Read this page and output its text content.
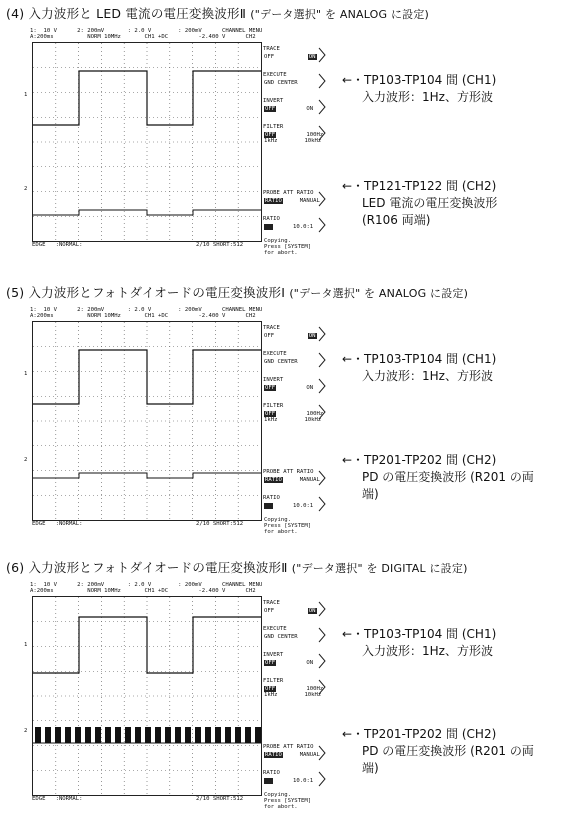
(4) 入力波形と LED 電流の電圧変換波形Ⅱ ("データ選択" を ANALOG に設定)
1:  10 V      2: 200mV       : 2.0 V        : 200mV      CHANNEL MENU
A:200ms          NORM 10MHz       CH1 +DC         -2.400 V      CH2
1
2
TRACE
OFF	ON
EXECUTE
GND CENTER
INVERT
OFF	ON
FILTER
OFF	100Hz
1kHz	10kHz
PROBE ATT RATIO
RATIO	MANUAL
RATIO
10.0:1
EDGE   :NORMAL:	2/10 SHORT:512
Copying.
Press [SYSTEM]
for abort.
←・TP103-TP104 間 (CH1)
入力波形：1Hz、方形波
←・TP121-TP122 間 (CH2)
LED 電流の電圧変換波形
(R106 両端)
(5) 入力波形とフォトダイオードの電圧変換波形Ⅰ ("データ選択" を ANALOG に設定)
1:  10 V      2: 200mV       : 2.0 V        : 200mV      CHANNEL MENU
A:200ms          NORM 10MHz       CH1 +DC         -2.400 V      CH2
1
2
TRACE
OFF	ON
EXECUTE
GND CENTER
INVERT
OFF	ON
FILTER
OFF	100Hz
1kHz	10kHz
PROBE ATT RATIO
RATIO	MANUAL
RATIO
10.0:1
EDGE   :NORMAL:	2/10 SHORT:512
Copying.
Press [SYSTEM]
for abort.
←・TP103-TP104 間 (CH1)
入力波形：1Hz、方形波
←・TP201-TP202 間 (CH2)
PD の電圧変換波形 (R201 の両
端)
(6) 入力波形とフォトダイオードの電圧変換波形Ⅱ ("データ選択" を DIGITAL に設定)
1:  10 V      2: 200mV       : 2.0 V        : 200mV      CHANNEL MENU
A:200ms          NORM 10MHz       CH1 +DC         -2.400 V      CH2
1
2
TRACE
OFF	ON
EXECUTE
GND CENTER
INVERT
OFF	ON
FILTER
OFF	100Hz
1kHz	10kHz
PROBE ATT RATIO
RATIO	MANUAL
RATIO
10.0:1
EDGE   :NORMAL:	2/10 SHORT:512
Copying.
Press [SYSTEM]
for abort.
←・TP103-TP104 間 (CH1)
入力波形：1Hz、方形波
←・TP201-TP202 間 (CH2)
PD の電圧変換波形 (R201 の両
端)
